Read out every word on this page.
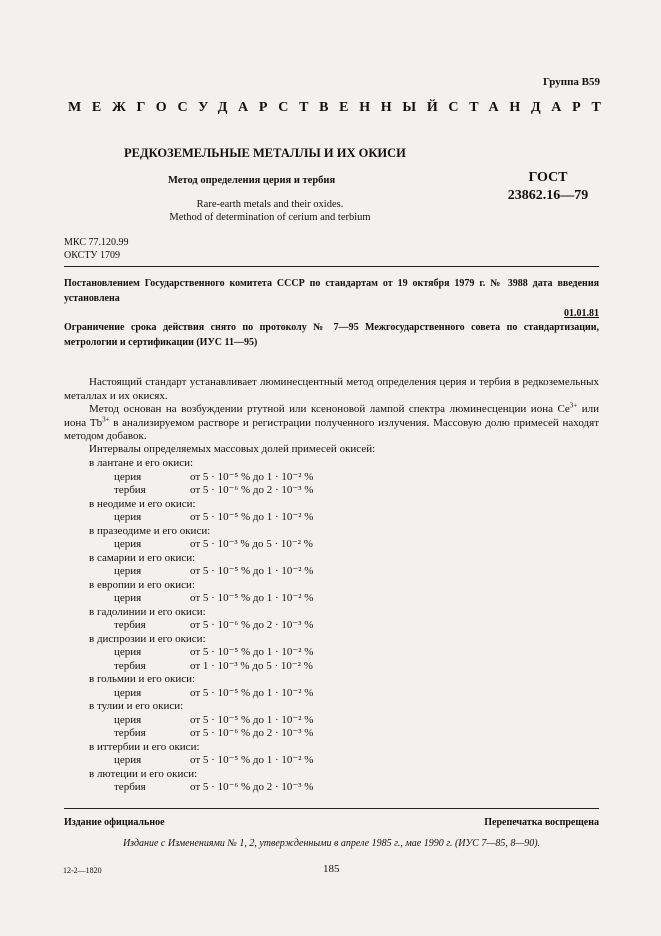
Группа В59
МЕЖГОСУДАРСТВЕННЫЙ СТАНДАРТ
РЕДКОЗЕМЕЛЬНЫЕ МЕТАЛЛЫ И ИХ ОКИСИ
Метод определения церия и тербия	ГОСТ
23862.16—79
Rare-earth metals and their oxides.
Method of determination of cerium and terbium
МКС 77.120.99
ОКСТУ 1709
Постановлением Государственного комитета СССР по стандартам от 19 октября 1979 г. № 3988 дата введения установлена
01.01.81
Ограничение срока действия снято по протоколу № 7—95 Межгосударственного совета по стандартизации, метрологии и сертификации (ИУС 11—95)
Настоящий стандарт устанавливает люминесцентный метод определения церия и тербия в редкоземельных металлах и их окисях.
Метод основан на возбуждении ртутной или ксеноновой лампой спектра люминесценции иона $Ce^{3+}$ или иона $Tb^{3+}$ в анализируемом растворе и регистрации полученного излучения. Массовую долю примесей находят методом добавок.
Интервалы определяемых массовых долей примесей окисей:
в лантане и его окиси:
церия	от 5 · 10⁻⁵ % до 1 · 10⁻² %
тербия	от 5 · 10⁻⁶ % до 2 · 10⁻³ %
в неодиме и его окиси:
церия	от 5 · 10⁻⁵ % до 1 · 10⁻² %
в празеодиме и его окиси:
церия	от 5 · 10⁻³ % до 5 · 10⁻² %
в самарии и его окиси:
церия	от 5 · 10⁻⁵ % до 1 · 10⁻² %
в европии и его окиси:
церия	от 5 · 10⁻⁵ % до 1 · 10⁻² %
в гадолинии и его окиси:
тербия	от 5 · 10⁻⁶ % до 2 · 10⁻³ %
в диспрозии и его окиси:
церия	от 5 · 10⁻⁵ % до 1 · 10⁻² %
тербия	от 1 · 10⁻³ % до 5 · 10⁻² %
в гольмии и его окиси:
церия	от 5 · 10⁻⁵ % до 1 · 10⁻² %
в тулии и его окиси:
церия	от 5 · 10⁻⁵ % до 1 · 10⁻² %
тербия	от 5 · 10⁻⁶ % до 2 · 10⁻³ %
в иттербии и его окиси:
церия	от 5 · 10⁻⁵ % до 1 · 10⁻² %
в лютеции и его окиси:
тербия	от 5 · 10⁻⁶ % до 2 · 10⁻³ %
Издание официальное	Перепечатка воспрещена
Издание с Изменениями № 1, 2, утвержденными в апреле 1985 г., мае 1990 г. (ИУС 7—85, 8—90).
12-2—1820	185
